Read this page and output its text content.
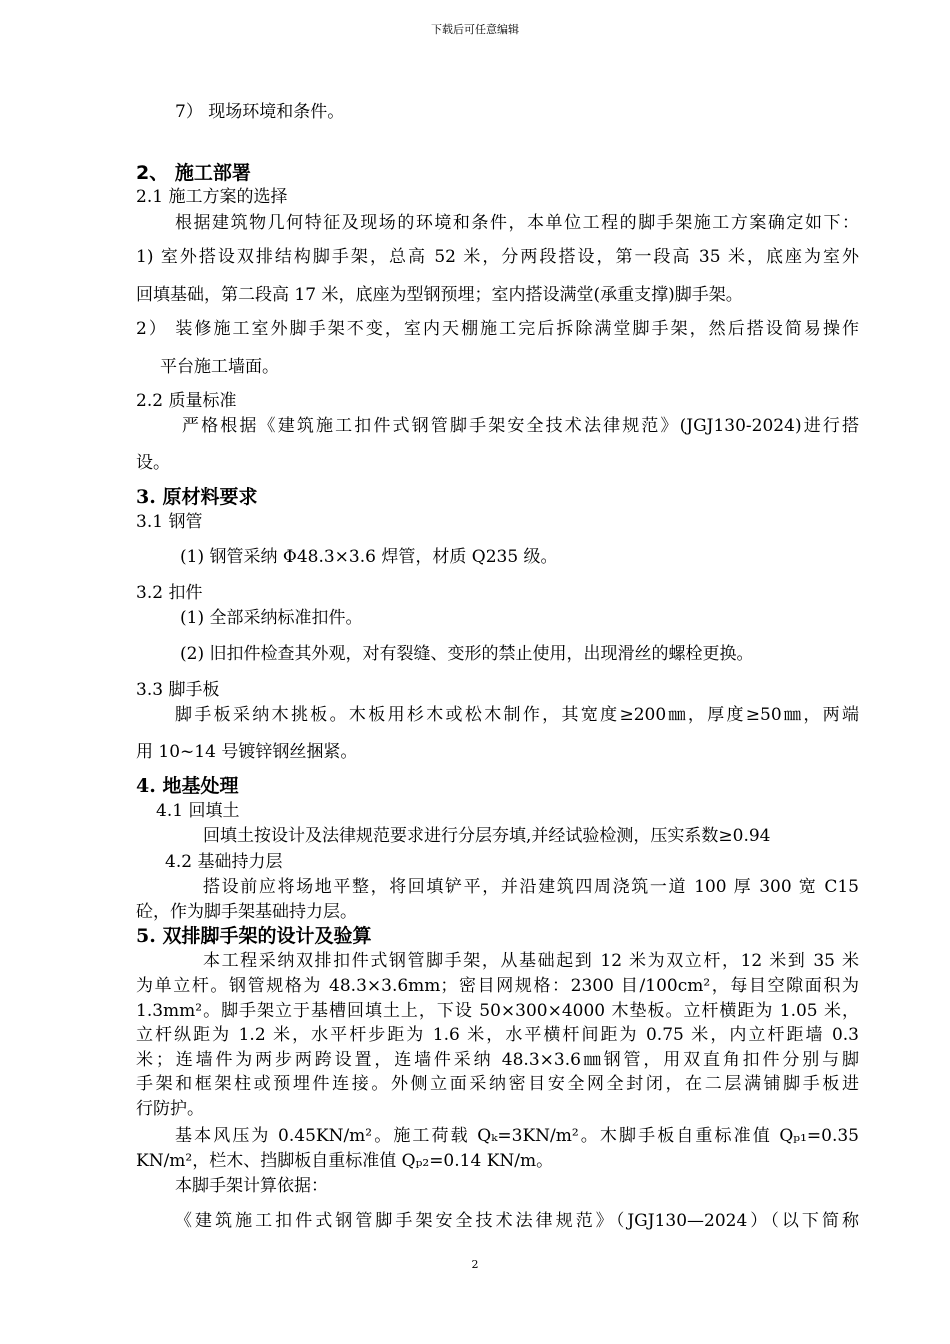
下载后可任意编辑
7） 现场环境和条件。
2、 施工部署
2.1 施工方案的选择
根据建筑物几何特征及现场的环境和条件，本单位工程的脚手架施工方案确定如下：
1) 室外搭设双排结构脚手架，总高 52 米，分两段搭设，第一段高 35 米，底座为室外
回填基础，第二段高 17 米，底座为型钢预埋；室内搭设满堂(承重支撑)脚手架。
2） 装修施工室外脚手架不变，室内天棚施工完后拆除满堂脚手架，然后搭设简易操作
平台施工墙面。
2.2 质量标准
严格根据《建筑施工扣件式钢管脚手架安全技术法律规范》(JGJ130-2024)进行搭
设。
3. 原材料要求
3.1 钢管
(1) 钢管采纳 Φ48.3×3.6 焊管，材质 Q235 级。
3.2 扣件
(1) 全部采纳标准扣件。
(2) 旧扣件检查其外观，对有裂缝、变形的禁止使用，出现滑丝的螺栓更换。
3.3 脚手板
脚手板采纳木挑板。木板用杉木或松木制作，其宽度≥200㎜，厚度≥50㎜，两端
用 10~14 号镀锌钢丝捆紧。
4. 地基处理
4.1 回填土
回填土按设计及法律规范要求进行分层夯填,并经试验检测，压实系数≥0.94
4.2 基础持力层
搭设前应将场地平整，将回填铲平，并沿建筑四周浇筑一道 100 厚 300 宽 C15
砼，作为脚手架基础持力层。
5. 双排脚手架的设计及验算
本工程采纳双排扣件式钢管脚手架，从基础起到 12 米为双立杆，12 米到 35 米
为单立杆。钢管规格为 48.3×3.6mm；密目网规格：2300 目/100cm²，每目空隙面积为
1.3mm²。脚手架立于基槽回填土上，下设 50×300×4000 木垫板。立杆横距为 1.05 米，
立杆纵距为 1.2 米，水平杆步距为 1.6 米，水平横杆间距为 0.75 米，内立杆距墙 0.3
米；连墙件为两步两跨设置，连墙件采纳 48.3×3.6㎜钢管，用双直角扣件分别与脚
手架和框架柱或预埋件连接。外侧立面采纳密目安全网全封闭，在二层满铺脚手板进
行防护。
基本风压为 0.45KN/m²。施工荷载 Qₖ=3KN/m²。木脚手板自重标准值 Qₚ₁=0.35
KN/m²，栏木、挡脚板自重标准值 Qₚ₂=0.14 KN/m。
本脚手架计算依据：
《建筑施工扣件式钢管脚手架安全技术法律规范》（JGJ130—2024）（以下简称
2
